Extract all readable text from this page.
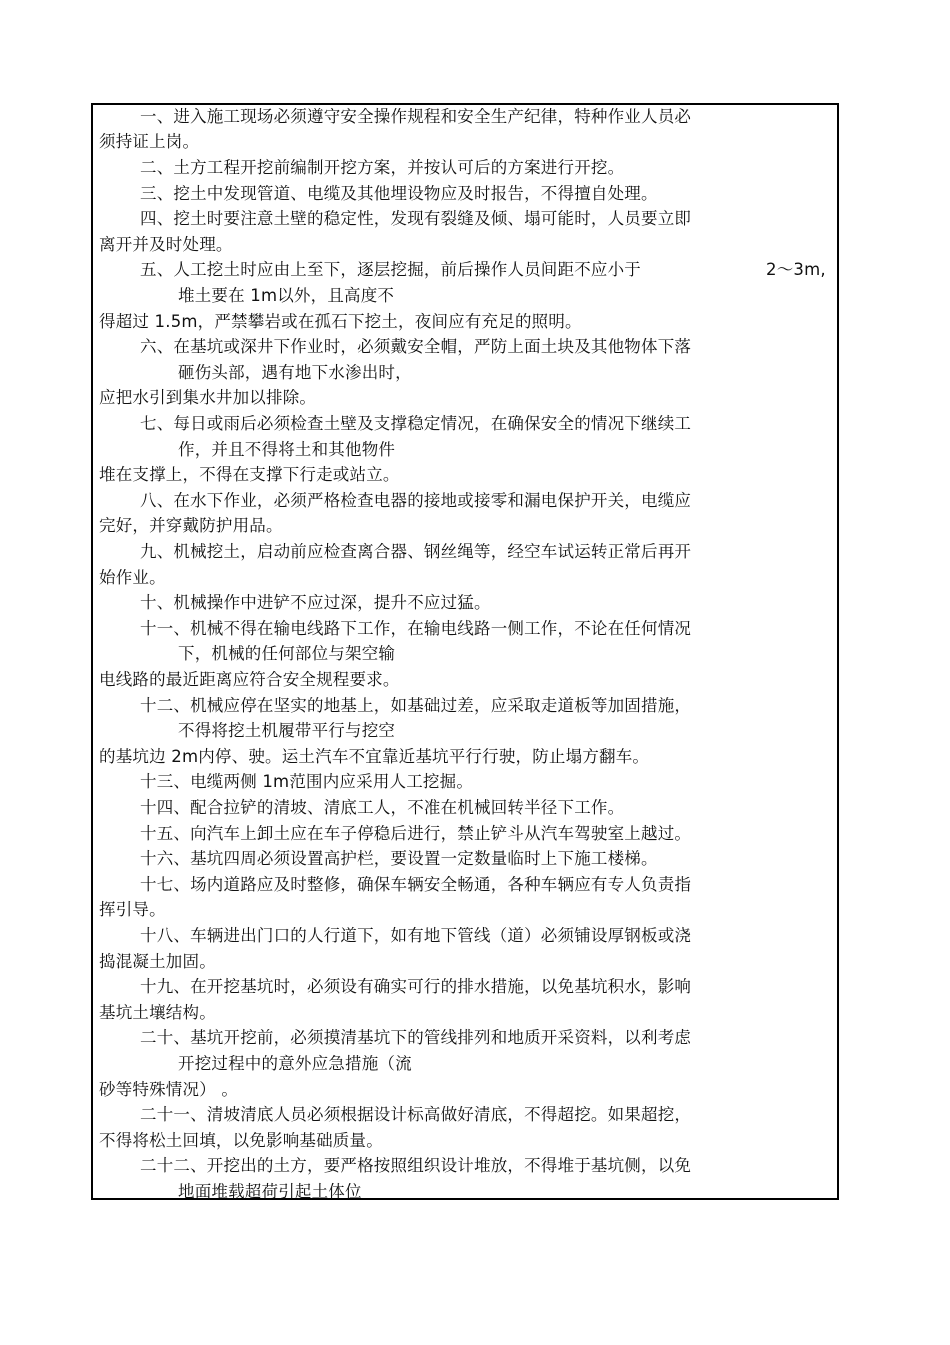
一、进入施工现场必须遵守安全操作规程和安全生产纪律，特种作业人员必
须持证上岗。
二、土方工程开挖前编制开挖方案，并按认可后的方案进行开挖。
三、挖土中发现管道、电缆及其他埋设物应及时报告，不得擅自处理。
四、挖土时要注意土壁的稳定性，发现有裂缝及倾、塌可能时，人员要立即
离开并及时处理。
五、人工挖土时应由上至下，逐层挖掘，前后操作人员间距不应小于	2～3m,
堆土要在 1m以外，且高度不
得超过 1.5m，严禁攀岩或在孤石下挖土，夜间应有充足的照明。
六、在基坑或深井下作业时，必须戴安全帽，严防上面土块及其他物体下落
砸伤头部，遇有地下水渗出时，
应把水引到集水井加以排除。
七、每日或雨后必须检查土壁及支撑稳定情况，在确保安全的情况下继续工
作，并且不得将土和其他物件
堆在支撑上，不得在支撑下行走或站立。
八、在水下作业，必须严格检查电器的接地或接零和漏电保护开关，电缆应
完好，并穿戴防护用品。
九、机械挖土，启动前应检查离合器、钢丝绳等，经空车试运转正常后再开
始作业。
十、机械操作中进铲不应过深，提升不应过猛。
十一、机械不得在输电线路下工作，在输电线路一侧工作，不论在任何情况
下，机械的任何部位与架空输
电线路的最近距离应符合安全规程要求。
十二、机械应停在坚实的地基上，如基础过差，应采取走道板等加固措施，
不得将挖土机履带平行与挖空
的基坑边 2m内停、驶。运土汽车不宜靠近基坑平行行驶，防止塌方翻车。
十三、电缆两侧 1m范围内应采用人工挖掘。
十四、配合拉铲的清坡、清底工人，不准在机械回转半径下工作。
十五、向汽车上卸土应在车子停稳后进行，禁止铲斗从汽车驾驶室上越过。
十六、基坑四周必须设置高护栏，要设置一定数量临时上下施工楼梯。
十七、场内道路应及时整修，确保车辆安全畅通，各种车辆应有专人负责指
挥引导。
十八、车辆进出门口的人行道下，如有地下管线（道）必须铺设厚钢板或浇
捣混凝土加固。
十九、在开挖基坑时，必须设有确实可行的排水措施，以免基坑积水，影响
基坑土壤结构。
二十、基坑开挖前，必须摸清基坑下的管线排列和地质开采资料，以利考虑
开挖过程中的意外应急措施（流
砂等特殊情况） 。
二十一、清坡清底人员必须根据设计标高做好清底，不得超挖。如果超挖，
不得将松土回填，以免影响基础质量。
二十二、开挖出的土方，要严格按照组织设计堆放，不得堆于基坑侧，以免
地面堆载超荷引起土体位
